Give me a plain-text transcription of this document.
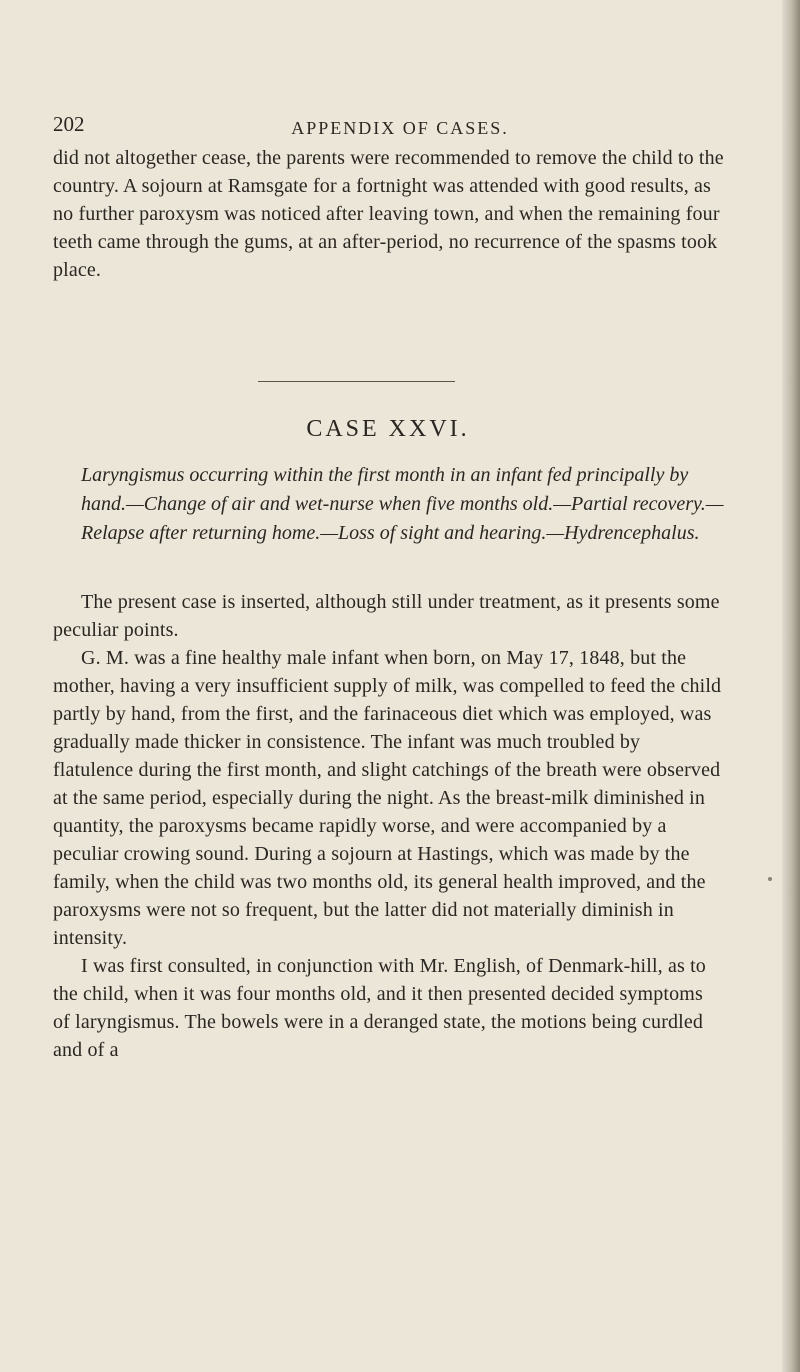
202	APPENDIX OF CASES.

did not altogether cease, the parents were recommended to remove the child to the country. A sojourn at Ramsgate for a fortnight was attended with good results, as no further paroxysm was noticed after leaving town, and when the remaining four teeth came through the gums, at an after-period, no recurrence of the spasms took place.

CASE XXVI.
Laryngismus occurring within the first month in an infant fed principally by hand.—Change of air and wet-nurse when five months old.—Partial recovery.—Relapse after returning home.—Loss of sight and hearing.—Hydrencephalus.

The present case is inserted, although still under treatment, as it presents some peculiar points.

G. M. was a fine healthy male infant when born, on May 17, 1848, but the mother, having a very insufficient supply of milk, was compelled to feed the child partly by hand, from the first, and the farinaceous diet which was employed, was gradually made thicker in consistence. The infant was much troubled by flatulence during the first month, and slight catchings of the breath were observed at the same period, especially during the night. As the breast-milk diminished in quantity, the paroxysms became rapidly worse, and were accompanied by a peculiar crowing sound. During a sojourn at Hastings, which was made by the family, when the child was two months old, its general health improved, and the paroxysms were not so frequent, but the latter did not materially diminish in intensity.

I was first consulted, in conjunction with Mr. English, of Denmark-hill, as to the child, when it was four months old, and it then presented decided symptoms of laryngismus. The bowels were in a deranged state, the motions being curdled and of a
